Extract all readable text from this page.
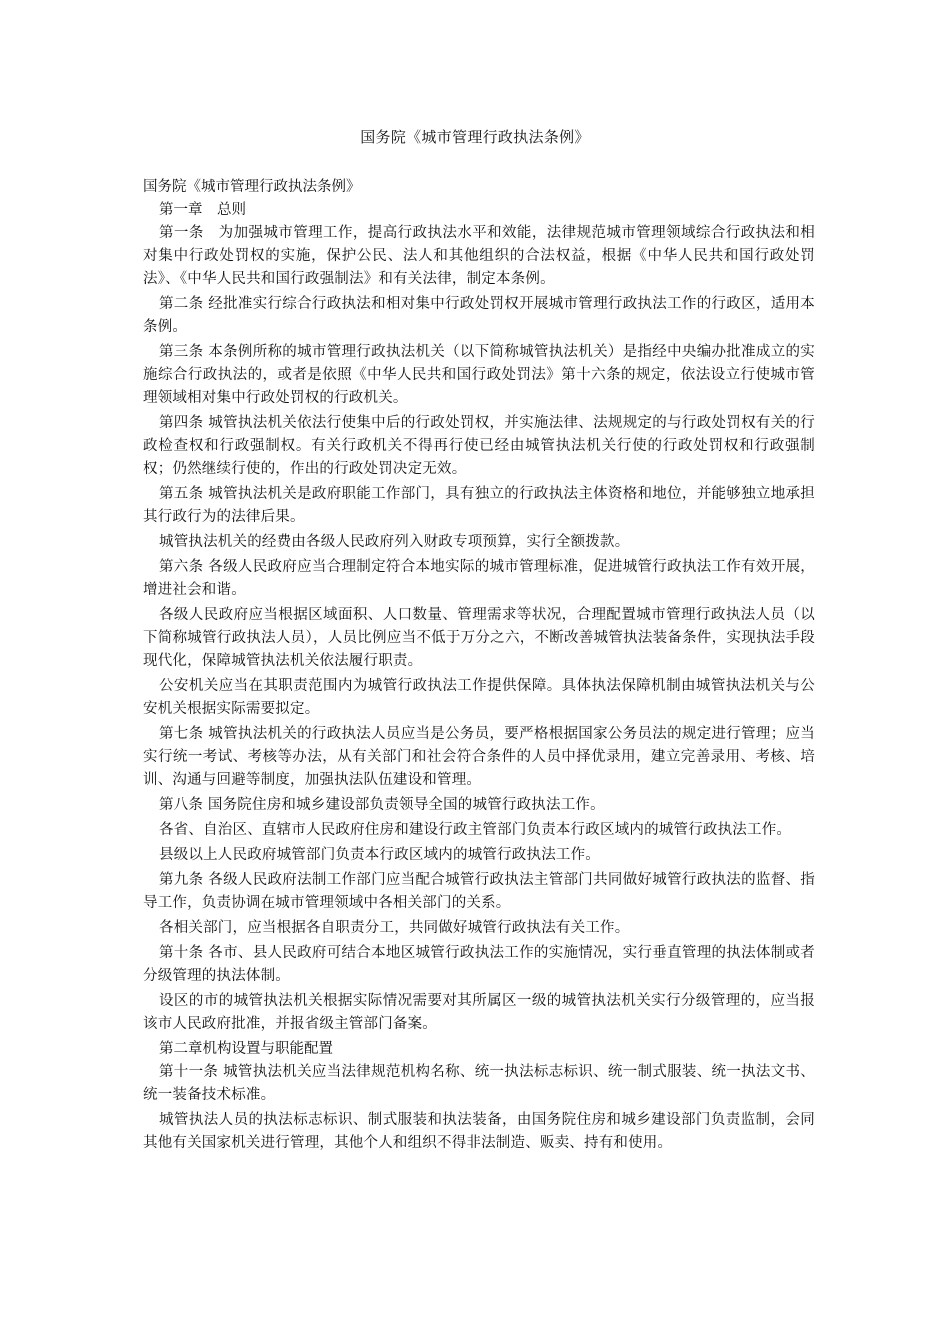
国务院《城市管理行政执法条例》

国务院《城市管理行政执法条例》

第一章　总则

第一条　为加强城市管理工作，提高行政执法水平和效能，法律规范城市管理领域综合行政执法和相对集中行政处罚权的实施，保护公民、法人和其他组织的合法权益，根据《中华人民共和国行政处罚法》、《中华人民共和国行政强制法》和有关法律，制定本条例。

第二条 经批准实行综合行政执法和相对集中行政处罚权开展城市管理行政执法工作的行政区，适用本条例。

第三条 本条例所称的城市管理行政执法机关（以下简称城管执法机关）是指经中央编办批准成立的实施综合行政执法的，或者是依照《中华人民共和国行政处罚法》第十六条的规定，依法设立行使城市管理领域相对集中行政处罚权的行政机关。

第四条 城管执法机关依法行使集中后的行政处罚权，并实施法律、法规规定的与行政处罚权有关的行政检查权和行政强制权。有关行政机关不得再行使已经由城管执法机关行使的行政处罚权和行政强制权；仍然继续行使的，作出的行政处罚决定无效。

第五条 城管执法机关是政府职能工作部门，具有独立的行政执法主体资格和地位，并能够独立地承担其行政行为的法律后果。

城管执法机关的经费由各级人民政府列入财政专项预算，实行全额拨款。

第六条 各级人民政府应当合理制定符合本地实际的城市管理标准，促进城管行政执法工作有效开展，增进社会和谐。

各级人民政府应当根据区域面积、人口数量、管理需求等状况，合理配置城市管理行政执法人员（以下简称城管行政执法人员），人员比例应当不低于万分之六，不断改善城管执法装备条件，实现执法手段现代化，保障城管执法机关依法履行职责。

公安机关应当在其职责范围内为城管行政执法工作提供保障。具体执法保障机制由城管执法机关与公安机关根据实际需要拟定。

第七条 城管执法机关的行政执法人员应当是公务员，要严格根据国家公务员法的规定进行管理；应当实行统一考试、考核等办法，从有关部门和社会符合条件的人员中择优录用，建立完善录用、考核、培训、沟通与回避等制度，加强执法队伍建设和管理。

第八条 国务院住房和城乡建设部负责领导全国的城管行政执法工作。

各省、自治区、直辖市人民政府住房和建设行政主管部门负责本行政区域内的城管行政执法工作。

县级以上人民政府城管部门负责本行政区域内的城管行政执法工作。

第九条 各级人民政府法制工作部门应当配合城管行政执法主管部门共同做好城管行政执法的监督、指导工作，负责协调在城市管理领域中各相关部门的关系。

各相关部门，应当根据各自职责分工，共同做好城管行政执法有关工作。

第十条 各市、县人民政府可结合本地区城管行政执法工作的实施情况，实行垂直管理的执法体制或者分级管理的执法体制。

设区的市的城管执法机关根据实际情况需要对其所属区一级的城管执法机关实行分级管理的，应当报该市人民政府批准，并报省级主管部门备案。

第二章机构设置与职能配置

第十一条 城管执法机关应当法律规范机构名称、统一执法标志标识、统一制式服装、统一执法文书、统一装备技术标准。

城管执法人员的执法标志标识、制式服装和执法装备，由国务院住房和城乡建设部门负责监制，会同其他有关国家机关进行管理，其他个人和组织不得非法制造、贩卖、持有和使用。
